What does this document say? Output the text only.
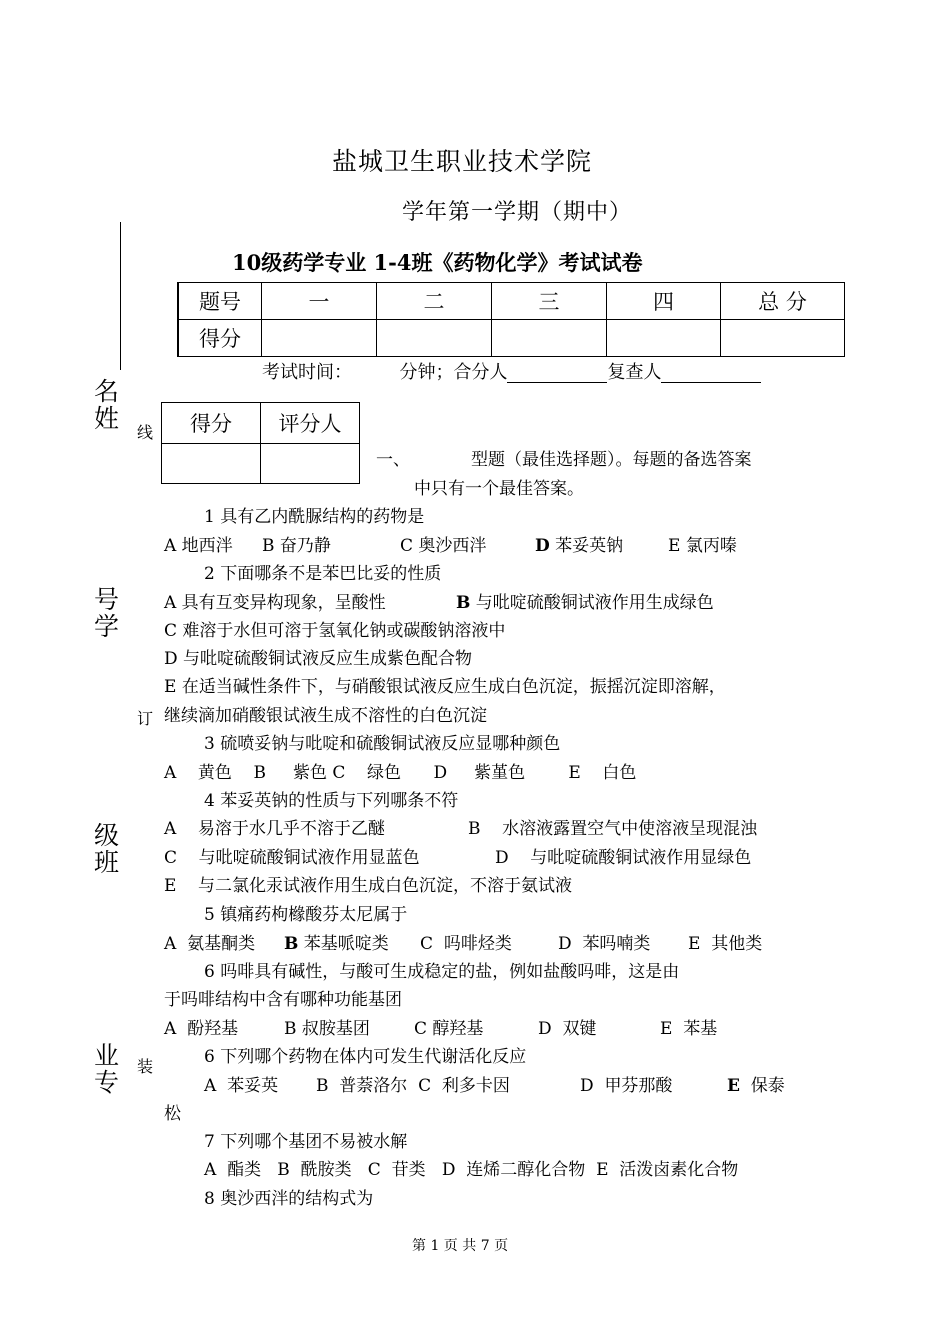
盐城卫生职业技术学院
学年第一学期（期中）
10级药学专业 1-4班《药物化学》考试试卷
题号	一	二	三	四	总 分
得分					
考试时间：	分钟；合分人	复查人
名姓
号学
级班
业专
线
订
装
得分	评分人

一、	型题（最佳选择题）。每题的备选答案
中只有一个最佳答案。
1 具有乙内酰脲结构的药物是
A 地西泮 B 奋乃静	C 奥沙西泮	D 苯妥英钠	E 氯丙嗪
2 下面哪条不是苯巴比妥的性质
A 具有互变异构现象，呈酸性	B 与吡啶硫酸铜试液作用生成绿色
C 难溶于水但可溶于氢氧化钠或碳酸钠溶液中
D 与吡啶硫酸铜试液反应生成紫色配合物
E 在适当碱性条件下，与硝酸银试液反应生成白色沉淀，振摇沉淀即溶解，
继续滴加硝酸银试液生成不溶性的白色沉淀
3 硫喷妥钠与吡啶和硫酸铜试液反应显哪种颜色
A    黄色    B     紫色 C    绿色      D     紫堇色        E    白色
4 苯妥英钠的性质与下列哪条不符
A    易溶于水几乎不溶于乙醚	B    水溶液露置空气中使溶液呈现混浊
C    与吡啶硫酸铜试液作用显蓝色	D    与吡啶硫酸铜试液作用显绿色
E    与二氯化汞试液作用生成白色沉淀，不溶于氨试液
5 镇痛药枸橼酸芬太尼属于
A  氨基酮类 B 苯基哌啶类 C  吗啡烃类	D  苯吗喃类 E  其他类
6 吗啡具有碱性，与酸可生成稳定的盐，例如盐酸吗啡，这是由
于吗啡结构中含有哪种功能基团
A  酚羟基	B 叔胺基团	C 醇羟基	D  双键	E  苯基
6 下列哪个药物在体内可发生代谢活化反应
A  苯妥英 B  普萘洛尔  C  利多卡因	D  甲芬那酸	E  保泰
松
7 下列哪个基团不易被水解
A  酯类   B  酰胺类   C  苷类   D  连烯二醇化合物  E  活泼卤素化合物
8 奥沙西泮的结构式为
第 1 页 共 7 页
